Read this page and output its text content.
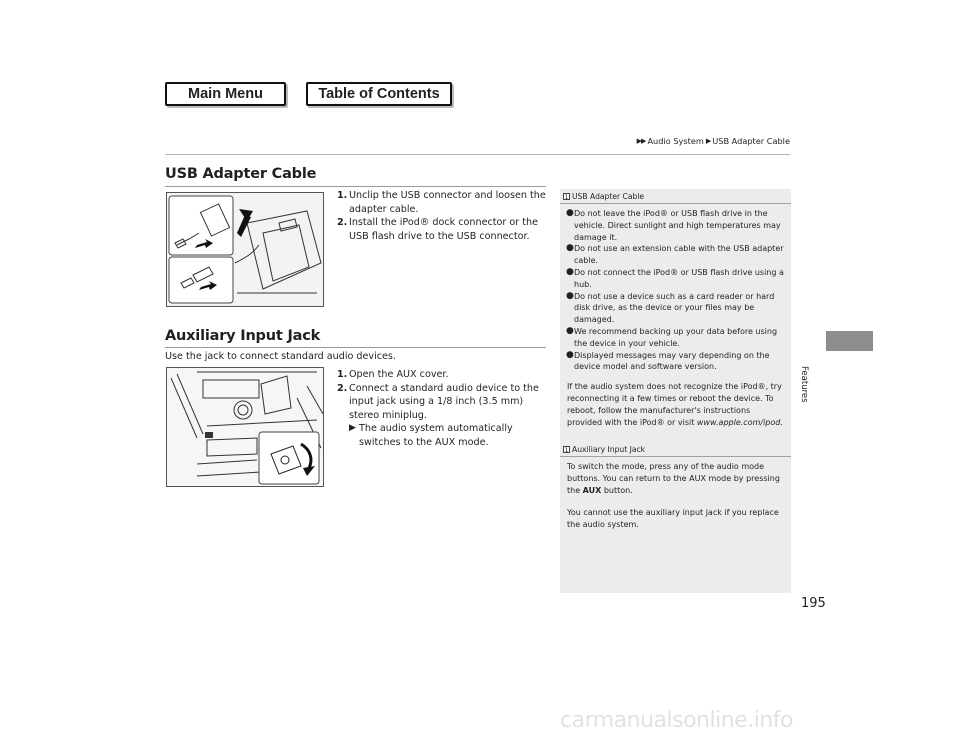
Main Menu	Table of Contents
▶▶ Audio System ▶ USB Adapter Cable
USB Adapter Cable
1. Unclip the USB connector and loosen the adapter cable.
2. Install the iPod® dock connector or the USB flash drive to the USB connector.
Auxiliary Input Jack
Use the jack to connect standard audio devices.
1. Open the AUX cover.
2. Connect a standard audio device to the input jack using a 1/8 inch (3.5 mm) stereo miniplug.
▶ The audio system automatically switches to the AUX mode.
1 USB Adapter Cable
● Do not leave the iPod® or USB flash drive in the vehicle. Direct sunlight and high temperatures may damage it.
● Do not use an extension cable with the USB adapter cable.
● Do not connect the iPod® or USB flash drive using a hub.
● Do not use a device such as a card reader or hard disk drive, as the device or your files may be damaged.
● We recommend backing up your data before using the device in your vehicle.
● Displayed messages may vary depending on the device model and software version.

If the audio system does not recognize the iPod®, try reconnecting it a few times or reboot the device. To reboot, follow the manufacturer's instructions provided with the iPod® or visit www.apple.com/ipod.

1 Auxiliary Input Jack

To switch the mode, press any of the audio mode buttons. You can return to the AUX mode by pressing the AUX button.

You cannot use the auxiliary input jack if you replace the audio system.

Features
195
carmanualsonline.info
